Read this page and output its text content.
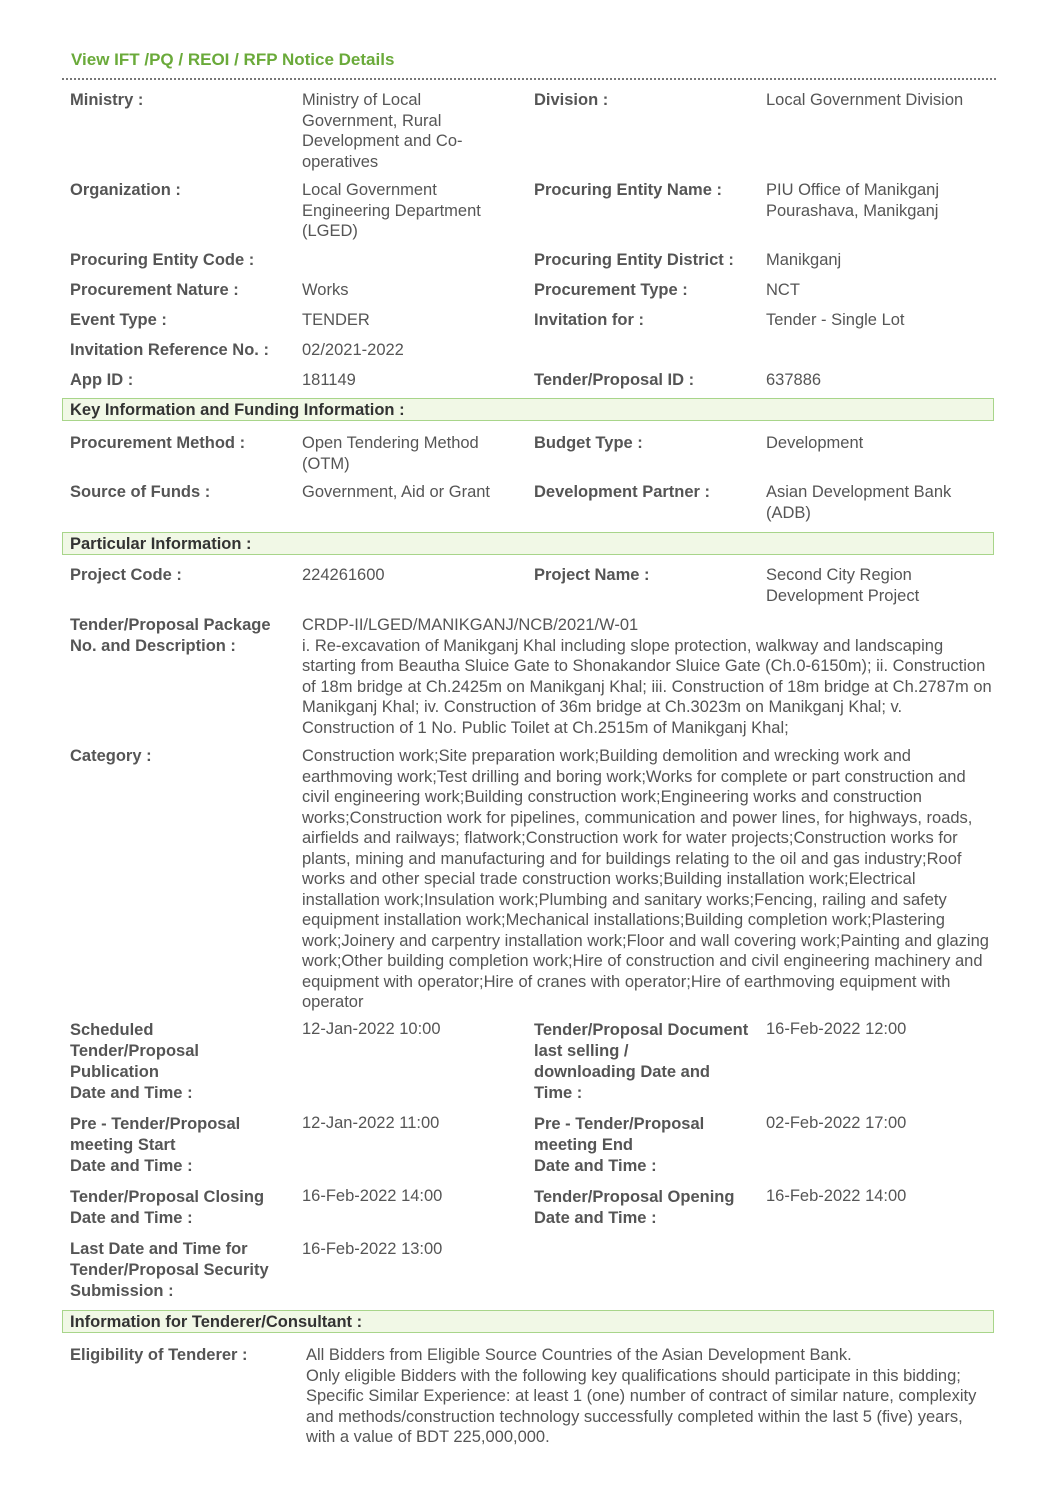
View IFT /PQ / REOI / RFP Notice Details
Ministry :	Ministry of Local Government, Rural Development and Co-operatives
Division :	Local Government Division
Organization :	Local Government Engineering Department (LGED)
Procuring Entity Name :	PIU Office of Manikganj Pourashava, Manikganj
Procuring Entity Code :	Procuring Entity District :	Manikganj
Procurement Nature :	Works	Procurement Type :	NCT
Event Type :	TENDER	Invitation for :	Tender - Single Lot
Invitation Reference No. :	02/2021-2022
App ID :	181149	Tender/Proposal ID :	637886
Key Information and Funding Information :
Procurement Method :	Open Tendering Method (OTM)
Budget Type :	Development
Source of Funds :	Government, Aid or Grant	Development Partner :	Asian Development Bank (ADB)
Particular Information :
Project Code :	224261600	Project Name :	Second City Region Development Project
Tender/Proposal Package
No. and Description :
CRDP-II/LGED/MANIKGANJ/NCB/2021/W-01
i. Re-excavation of Manikganj Khal including slope protection, walkway and landscaping starting from Beautha Sluice Gate to Shonakandor Sluice Gate (Ch.0-6150m); ii. Construction of 18m bridge at Ch.2425m on Manikganj Khal; iii. Construction of 18m bridge at Ch.2787m on Manikganj Khal; iv. Construction of 36m bridge at Ch.3023m on Manikganj Khal; v. Construction of 1 No. Public Toilet at Ch.2515m of Manikganj Khal;
Category :	Construction work;Site preparation work;Building demolition and wrecking work and earthmoving work;Test drilling and boring work;Works for complete or part construction and civil engineering work;Building construction work;Engineering works and construction works;Construction work for pipelines, communication and power lines, for highways, roads, airfields and railways; flatwork;Construction work for water projects;Construction works for plants, mining and manufacturing and for buildings relating to the oil and gas industry;Roof works and other special trade construction works;Building installation work;Electrical installation work;Insulation work;Plumbing and sanitary works;Fencing, railing and safety equipment installation work;Mechanical installations;Building completion work;Plastering work;Joinery and carpentry installation work;Floor and wall covering work;Painting and glazing work;Other building completion work;Hire of construction and civil engineering machinery and equipment with operator;Hire of cranes with operator;Hire of earthmoving equipment with operator
Scheduled
Tender/Proposal
Publication
Date and Time :
12-Jan-2022 10:00	Tender/Proposal Document
last selling /
downloading Date and
Time :
16-Feb-2022 12:00
Pre - Tender/Proposal
meeting Start
Date and Time :
12-Jan-2022 11:00	Pre - Tender/Proposal
meeting End
Date and Time :
02-Feb-2022 17:00
Tender/Proposal Closing
Date and Time :
16-Feb-2022 14:00	Tender/Proposal Opening
Date and Time :
16-Feb-2022 14:00
Last Date and Time for
Tender/Proposal Security
Submission :
16-Feb-2022 13:00
Information for Tenderer/Consultant :
Eligibility of Tenderer :	All Bidders from Eligible Source Countries of the Asian Development Bank.
Only eligible Bidders with the following key qualifications should participate in this bidding;
Specific Similar Experience: at least 1 (one) number of contract of similar nature, complexity and methods/construction technology successfully completed within the last 5 (five) years, with a value of BDT 225,000,000.
